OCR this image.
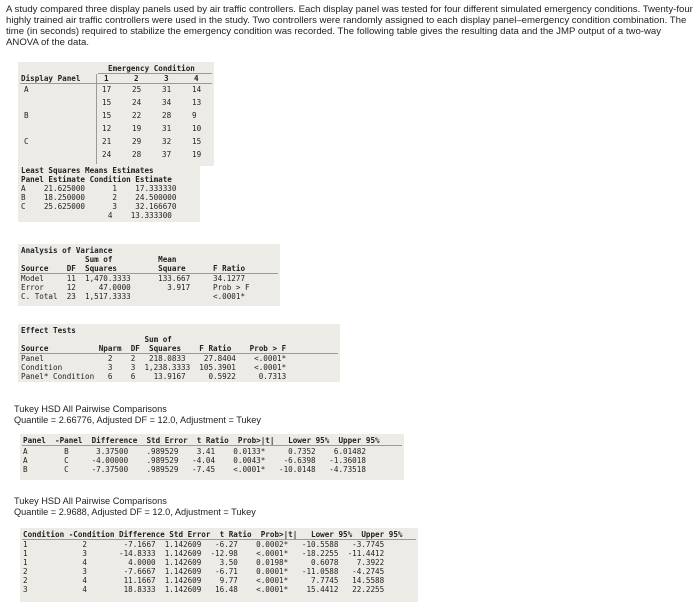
A study compared three display panels used by air traffic controllers. Each display panel was tested for four different simulated emergency conditions. Twenty-four highly trained air traffic controllers were used in the study. Two controllers were randomly assigned to each display panel–emergency condition combination. The time (in seconds) required to stabilize the emergency condition was recorded. The following table gives the resulting data and the JMP output of a two-way ANOVA of the data.
Emergency Condition
Display Panel	1	2	3	4
A	17	25	31	14
15	24	34	13
B	15	22	28	9
12	19	31	10
C	21	29	32	15
24	28	37	19
Least Squares Means Estimates
Panel Estimate Condition Estimate
A    21.625000      1    17.333330
B    18.250000      2    24.500000
C    25.625000      3    32.166670
4    13.333300
Analysis of Variance
Sum of          Mean
Source    DF  Squares         Square      F Ratio
Model     11  1,470.3333      133.667     34.1277
Error     12     47.0000        3.917     Prob > F
C. Total  23  1,517.3333                  <.0001*
Effect Tests
Sum of
Source           Nparm  DF  Squares    F Ratio    Prob > F
Panel              2    2   218.0833    27.8404    <.0001*
Condition          3    3  1,238.3333  105.3901    <.0001*
Panel* Condition   6    6    13.9167     0.5922     0.7313
Tukey HSD All Pairwise Comparisons
Quantile = 2.66776, Adjusted DF = 12.0, Adjustment = Tukey
Panel  -Panel  Difference  Std Error  t Ratio  Prob>|t|   Lower 95%  Upper 95%
A        B      3.37500    .989529    3.41    0.0133*     0.7352    6.01482
A        C     -4.00000    .989529   -4.04    0.0043*    -6.6398   -1.36018
B        C     -7.37500    .989529   -7.45    <.0001*   -10.0148   -4.73518
Tukey HSD All Pairwise Comparisons
Quantile = 2.9688, Adjusted DF = 12.0, Adjustment = Tukey
Condition -Condition Difference Std Error  t Ratio  Prob>|t|   Lower 95%  Upper 95%
1            2        -7.1667  1.142609   -6.27    0.0002*   -10.5588   -3.7745
1            3       -14.8333  1.142609  -12.98    <.0001*   -18.2255  -11.4412
1            4         4.0000  1.142609    3.50    0.0198*     0.6078    7.3922
2            3        -7.6667  1.142609   -6.71    0.0001*   -11.0588   -4.2745
2            4        11.1667  1.142609    9.77    <.0001*     7.7745   14.5588
3            4        18.8333  1.142609   16.48    <.0001*    15.4412   22.2255
